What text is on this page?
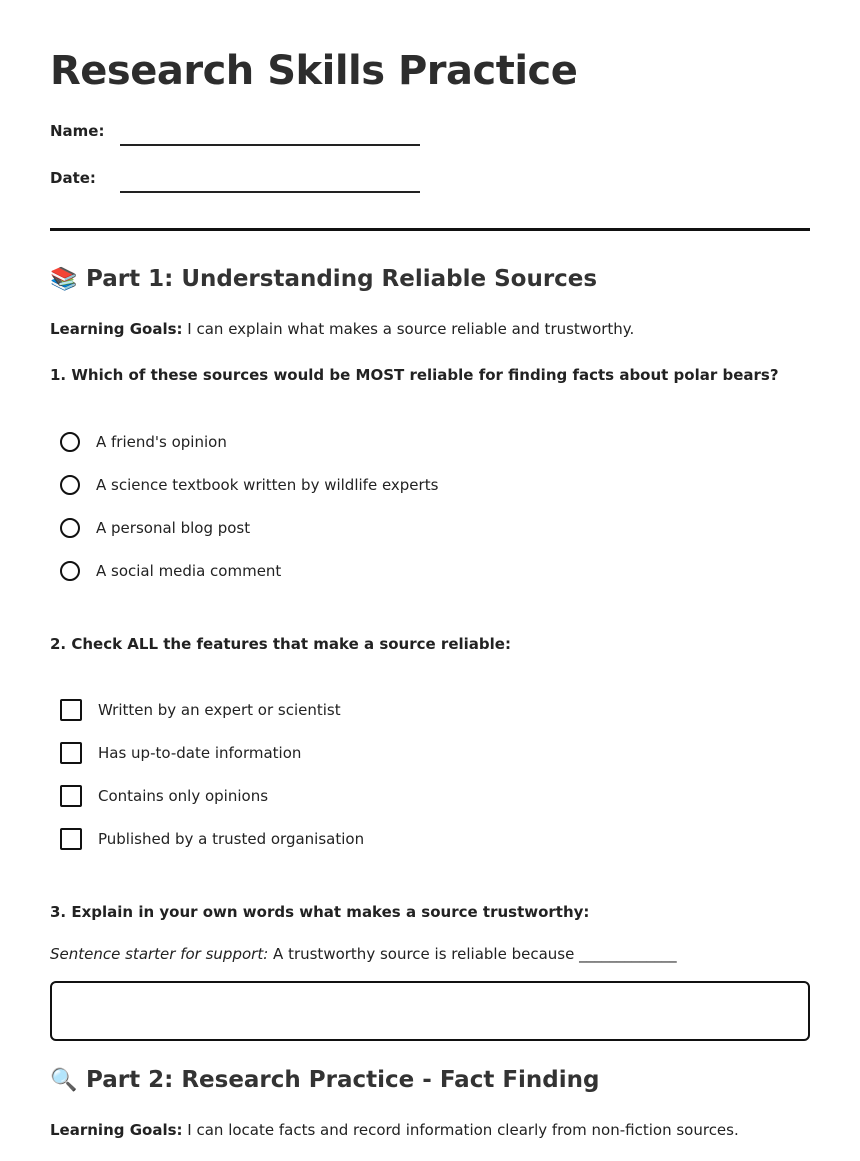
Research Skills Practice
Name:
Date:
📚 Part 1: Understanding Reliable Sources
Learning Goals: I can explain what makes a source reliable and trustworthy.
1. Which of these sources would be MOST reliable for finding facts about polar bears?
A friend's opinion
A science textbook written by wildlife experts
A personal blog post
A social media comment
2. Check ALL the features that make a source reliable:
Written by an expert or scientist
Has up-to-date information
Contains only opinions
Published by a trusted organisation
3. Explain in your own words what makes a source trustworthy:
Sentence starter for support: A trustworthy source is reliable because _____________
🔍 Part 2: Research Practice - Fact Finding
Learning Goals: I can locate facts and record information clearly from non-fiction sources.
